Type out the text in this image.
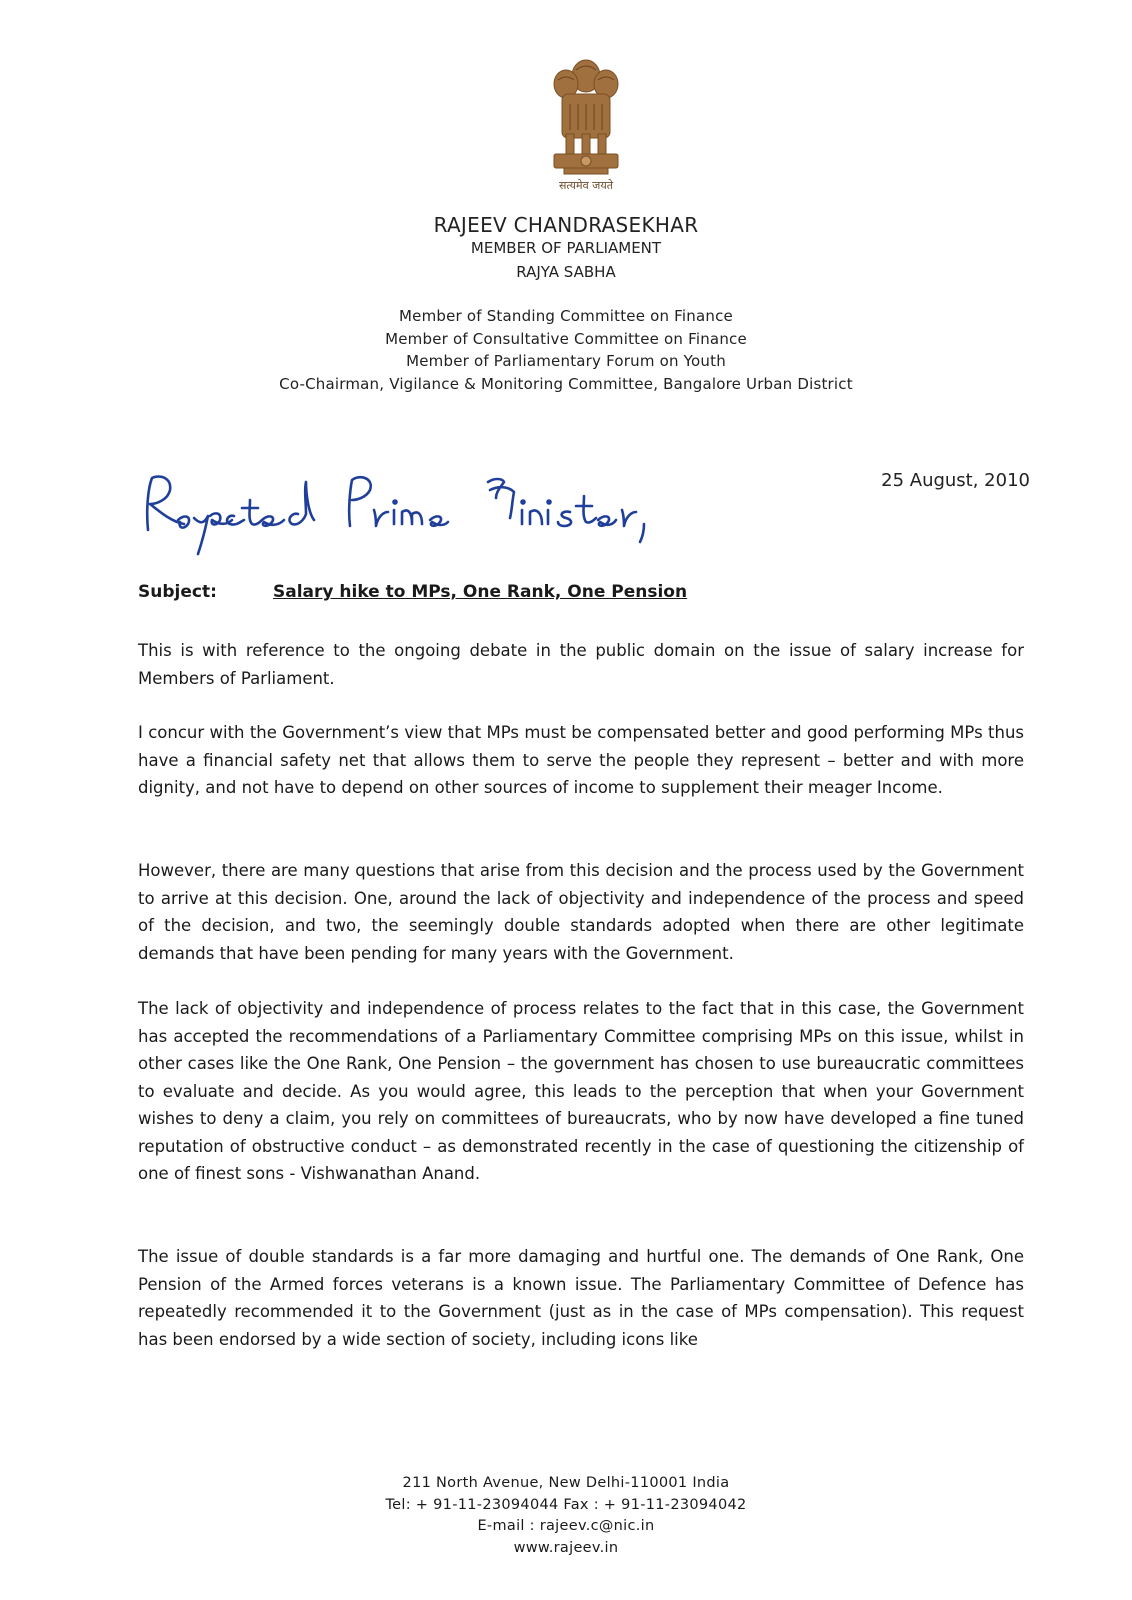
सत्यमेव जयते
RAJEEV CHANDRASEKHAR
MEMBER OF PARLIAMENT
RAJYA SABHA
Member of Standing Committee on Finance
Member of Consultative Committee on Finance
Member of Parliamentary Forum on Youth
Co-Chairman, Vigilance & Monitoring Committee, Bangalore Urban District
25 August, 2010
Subject:	Salary hike to MPs, One Rank, One Pension

This is with reference to the ongoing debate in the public domain on the issue of salary increase for Members of Parliament.

I concur with the Government’s view that MPs must be compensated better and good performing MPs thus have a financial safety net that allows them to serve the people they represent – better and with more dignity, and not have to depend on other sources of income to supplement their meager Income.

However, there are many questions that arise from this decision and the process used by the Government to arrive at this decision. One, around the lack of objectivity and independence of the process and speed of the decision, and two, the seemingly double standards adopted when there are other legitimate demands that have been pending for many years with the Government.

The lack of objectivity and independence of process relates to the fact that in this case, the Government has accepted the recommendations of a Parliamentary Committee comprising MPs on this issue, whilst in other cases like the One Rank, One Pension – the government has chosen to use bureaucratic committees to evaluate and decide. As you would agree, this leads to the perception that when your Government wishes to deny a claim, you rely on committees of bureaucrats, who by now have developed a fine tuned reputation of obstructive conduct – as demonstrated recently in the case of questioning the citizenship of one of finest sons - Vishwanathan Anand.

The issue of double standards is a far more damaging and hurtful one. The demands of One Rank, One Pension of the Armed forces veterans is a known issue. The Parliamentary Committee of Defence has repeatedly recommended it to the Government (just as in the case of MPs compensation). This request has been endorsed by a wide section of society, including icons like

211 North Avenue, New Delhi-110001 India
Tel: + 91-11-23094044 Fax : + 91-11-23094042
E-mail : rajeev.c@nic.in
www.rajeev.in
